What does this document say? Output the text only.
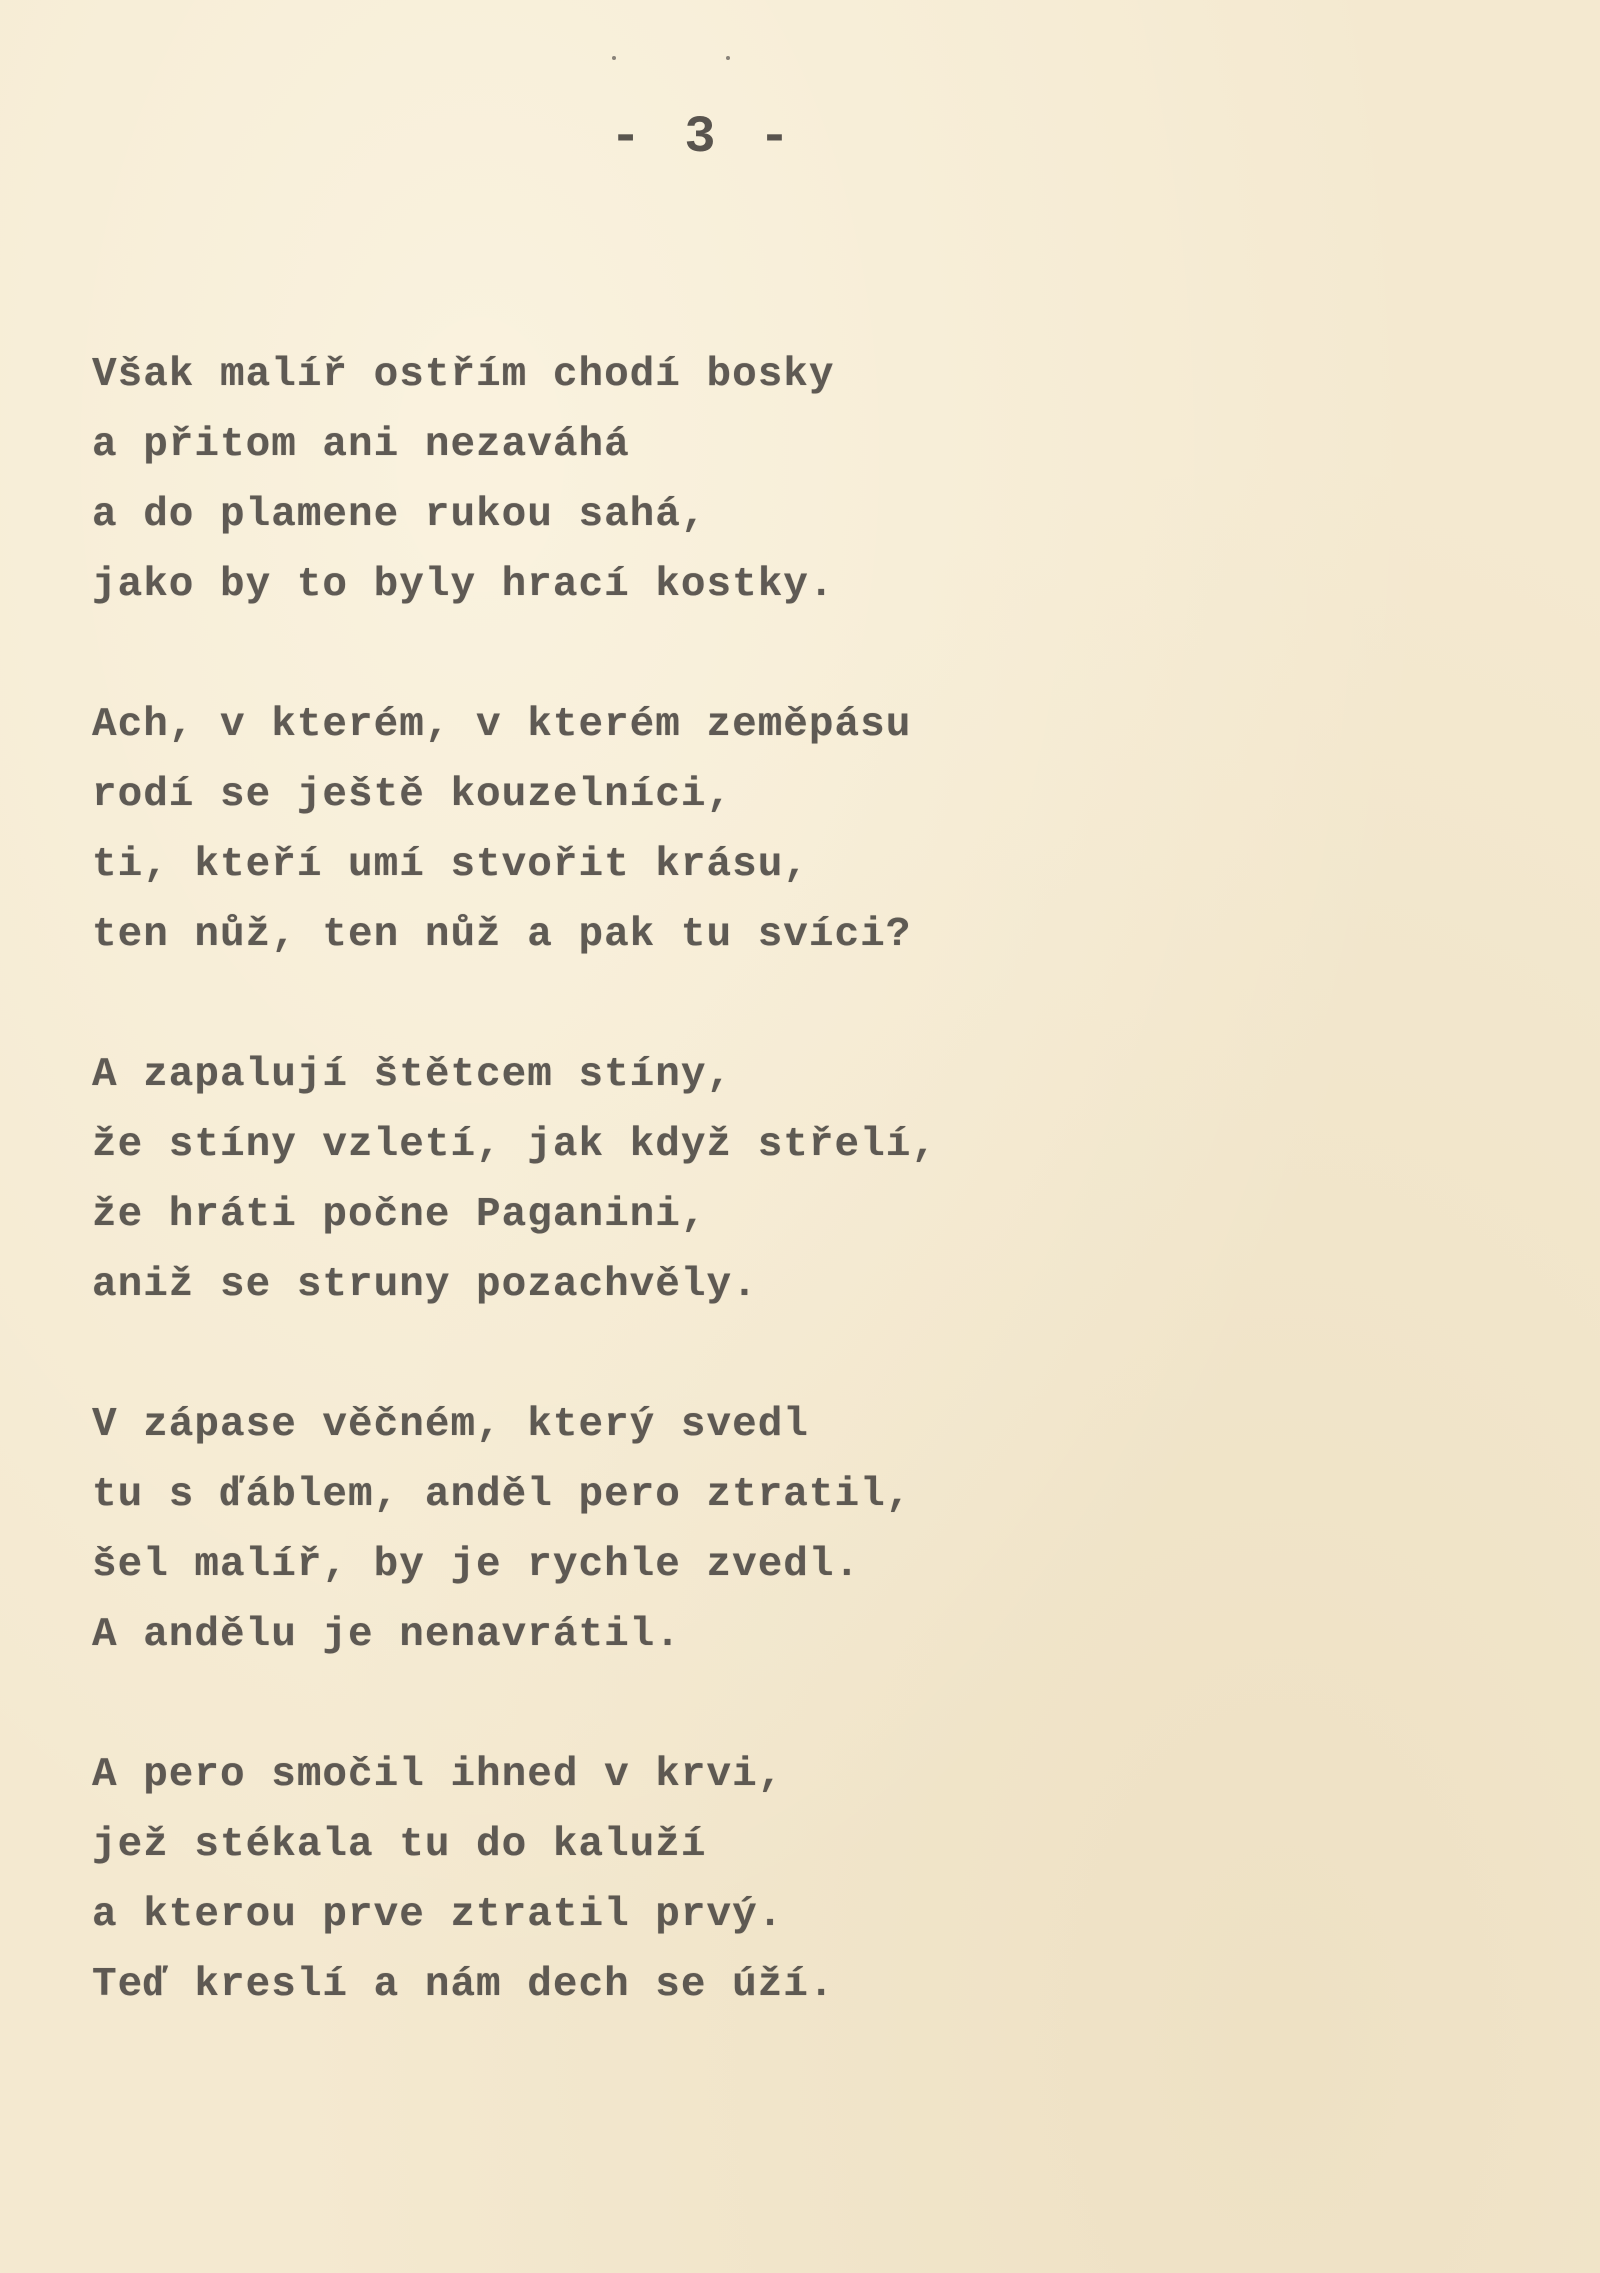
- 3 -
Však malíř ostřím chodí bosky
a přitom ani nezaváhá
a do plamene rukou sahá,
jako by to byly hrací kostky.
Ach, v kterém, v kterém zeměpásu
rodí se ještě kouzelníci,
ti, kteří umí stvořit krásu,
ten nůž, ten nůž a pak tu svíci?
A zapalují štětcem stíny,
že stíny vzletí, jak když střelí,
že hráti počne Paganini,
aniž se struny pozachvěly.
V zápase věčném, který svedl
tu s ďáblem, anděl pero ztratil,
šel malíř, by je rychle zvedl.
A andělu je nenavrátil.
A pero smočil ihned v krvi,
jež stékala tu do kaluží
a kterou prve ztratil prvý.
Teď kreslí a nám dech se úží.
